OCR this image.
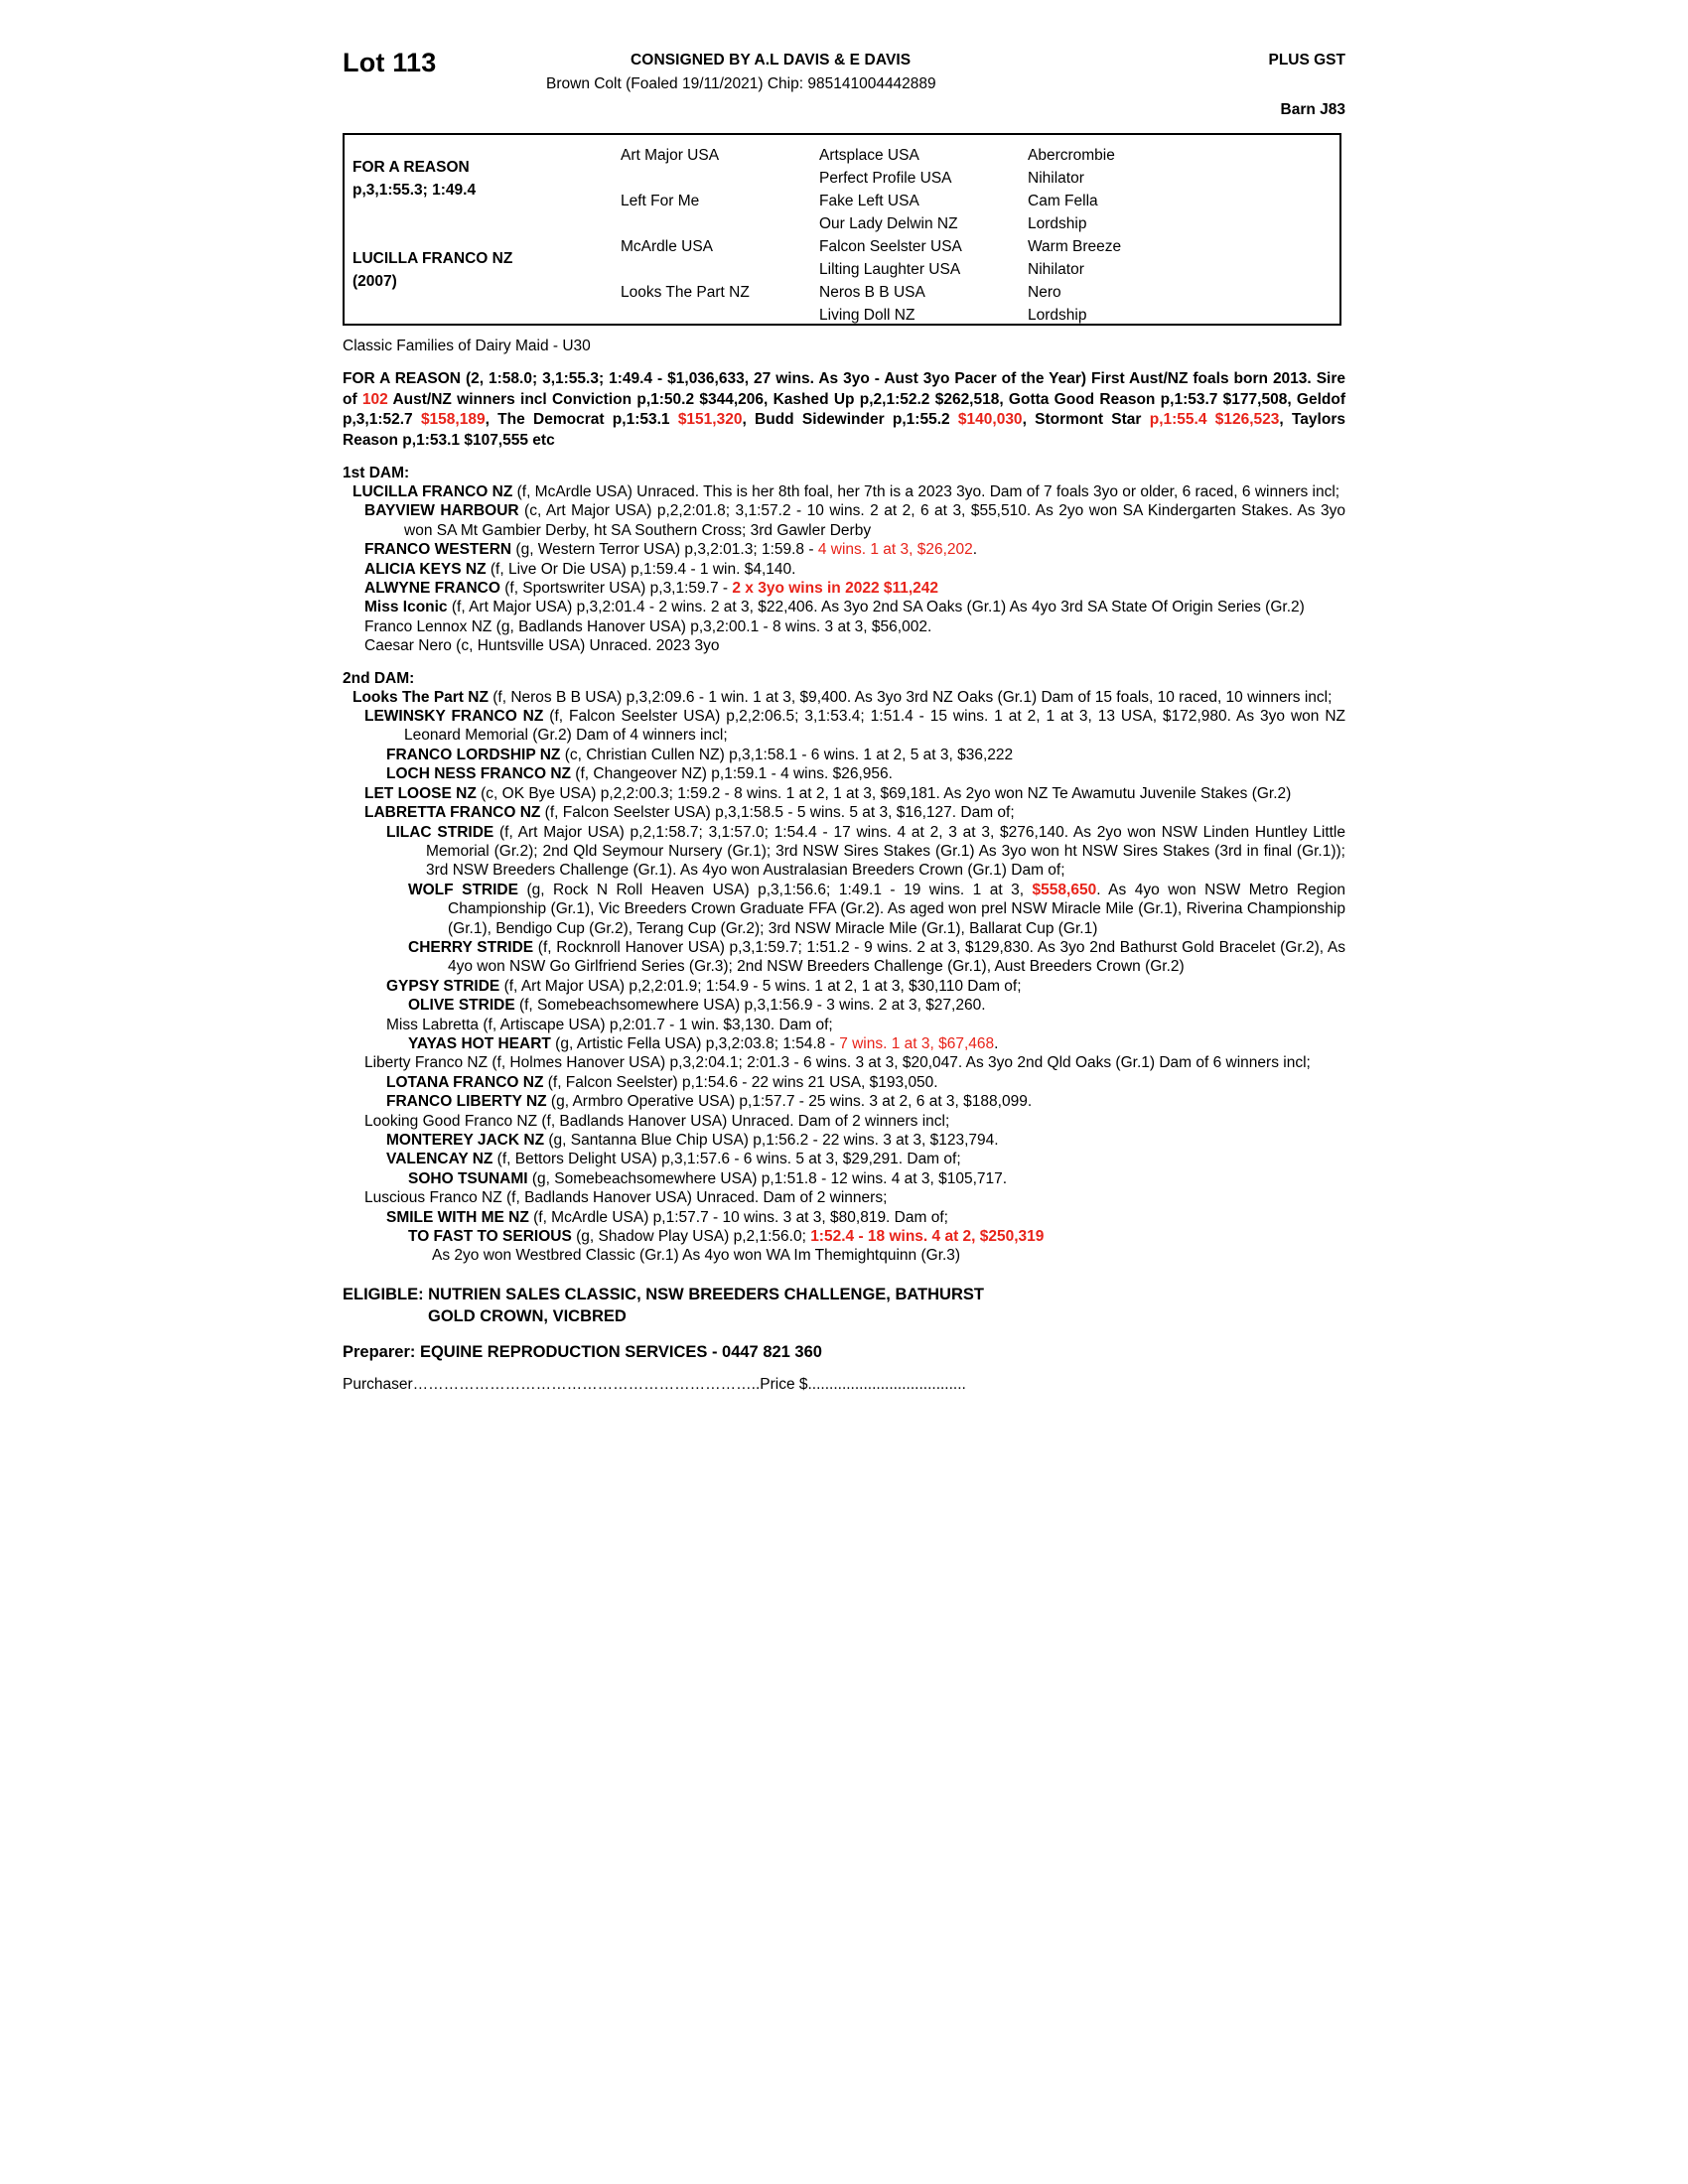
Lot 113	CONSIGNED BY A.L DAVIS & E DAVIS	PLUS GST
Brown Colt (Foaled 19/11/2021) Chip: 985141004442889
Barn J83
FOR A REASON
p,3,1:55.3; 1:49.4
LUCILLA FRANCO NZ
(2007)
Art Major USA
Left For Me
McArdle USA
Looks The Part NZ
Artsplace USA
Perfect Profile USA
Fake Left USA
Our Lady Delwin NZ
Falcon Seelster USA
Lilting Laughter USA
Neros B B USA
Living Doll NZ
Abercrombie
Nihilator
Cam Fella
Lordship
Warm Breeze
Nihilator
Nero
Lordship
Classic Families of Dairy Maid - U30
FOR A REASON (2, 1:58.0; 3,1:55.3; 1:49.4 - $1,036,633, 27 wins. As 3yo - Aust 3yo Pacer of the Year) First Aust/NZ foals born 2013. Sire of 102 Aust/NZ winners incl Conviction p,1:50.2 $344,206, Kashed Up p,2,1:52.2 $262,518, Gotta Good Reason p,1:53.7 $177,508, Geldof p,3,1:52.7 $158,189, The Democrat p,1:53.1 $151,320, Budd Sidewinder p,1:55.2 $140,030, Stormont Star p,1:55.4 $126,523, Taylors Reason p,1:53.1 $107,555 etc
1st DAM:
LUCILLA FRANCO NZ (f, McArdle USA) Unraced. This is her 8th foal, her 7th is a 2023 3yo. Dam of 7 foals 3yo or older, 6 raced, 6 winners incl;
BAYVIEW HARBOUR (c, Art Major USA) p,2,2:01.8; 3,1:57.2 - 10 wins. 2 at 2, 6 at 3, $55,510. As 2yo won SA Kindergarten Stakes. As 3yo won SA Mt Gambier Derby, ht SA Southern Cross; 3rd Gawler Derby
FRANCO WESTERN (g, Western Terror USA) p,3,2:01.3; 1:59.8 - 4 wins. 1 at 3, $26,202.
ALICIA KEYS NZ (f, Live Or Die USA) p,1:59.4 - 1 win. $4,140.
ALWYNE FRANCO (f, Sportswriter USA) p,3,1:59.7 - 2 x 3yo wins in 2022 $11,242
Miss Iconic (f, Art Major USA) p,3,2:01.4 - 2 wins. 2 at 3, $22,406. As 3yo 2nd SA Oaks (Gr.1) As 4yo 3rd SA State Of Origin Series (Gr.2)
Franco Lennox NZ (g, Badlands Hanover USA) p,3,2:00.1 - 8 wins. 3 at 3, $56,002.
Caesar Nero (c, Huntsville USA) Unraced. 2023 3yo
2nd DAM:
Looks The Part NZ (f, Neros B B USA) p,3,2:09.6 - 1 win. 1 at 3, $9,400. As 3yo 3rd NZ Oaks (Gr.1) Dam of 15 foals, 10 raced, 10 winners incl;
LEWINSKY FRANCO NZ (f, Falcon Seelster USA) p,2,2:06.5; 3,1:53.4; 1:51.4 - 15 wins. 1 at 2, 1 at 3, 13 USA, $172,980. As 3yo won NZ Leonard Memorial (Gr.2) Dam of 4 winners incl;
FRANCO LORDSHIP NZ (c, Christian Cullen NZ) p,3,1:58.1 - 6 wins. 1 at 2, 5 at 3, $36,222
LOCH NESS FRANCO NZ (f, Changeover NZ) p,1:59.1 - 4 wins. $26,956.
LET LOOSE NZ (c, OK Bye USA) p,2,2:00.3; 1:59.2 - 8 wins. 1 at 2, 1 at 3, $69,181. As 2yo won NZ Te Awamutu Juvenile Stakes (Gr.2)
LABRETTA FRANCO NZ (f, Falcon Seelster USA) p,3,1:58.5 - 5 wins. 5 at 3, $16,127. Dam of;
LILAC STRIDE (f, Art Major USA) p,2,1:58.7; 3,1:57.0; 1:54.4 - 17 wins. 4 at 2, 3 at 3, $276,140. As 2yo won NSW Linden Huntley Little Memorial (Gr.2); 2nd Qld Seymour Nursery (Gr.1); 3rd NSW Sires Stakes (Gr.1) As 3yo won ht NSW Sires Stakes (3rd in final (Gr.1)); 3rd NSW Breeders Challenge (Gr.1). As 4yo won Australasian Breeders Crown (Gr.1) Dam of;
WOLF STRIDE (g, Rock N Roll Heaven USA) p,3,1:56.6; 1:49.1 - 19 wins. 1 at 3, $558,650. As 4yo won NSW Metro Region Championship (Gr.1), Vic Breeders Crown Graduate FFA (Gr.2). As aged won prel NSW Miracle Mile (Gr.1), Riverina Championship (Gr.1), Bendigo Cup (Gr.2), Terang Cup (Gr.2); 3rd NSW Miracle Mile (Gr.1), Ballarat Cup (Gr.1)
CHERRY STRIDE (f, Rocknroll Hanover USA) p,3,1:59.7; 1:51.2 - 9 wins. 2 at 3, $129,830. As 3yo 2nd Bathurst Gold Bracelet (Gr.2), As 4yo won NSW Go Girlfriend Series (Gr.3); 2nd NSW Breeders Challenge (Gr.1), Aust Breeders Crown (Gr.2)
GYPSY STRIDE (f, Art Major USA) p,2,2:01.9; 1:54.9 - 5 wins. 1 at 2, 1 at 3, $30,110 Dam of;
OLIVE STRIDE (f, Somebeachsomewhere USA) p,3,1:56.9 - 3 wins. 2 at 3, $27,260.
Miss Labretta (f, Artiscape USA) p,2:01.7 - 1 win. $3,130. Dam of;
YAYAS HOT HEART (g, Artistic Fella USA) p,3,2:03.8; 1:54.8 - 7 wins. 1 at 3, $67,468.
Liberty Franco NZ (f, Holmes Hanover USA) p,3,2:04.1; 2:01.3 - 6 wins. 3 at 3, $20,047. As 3yo 2nd Qld Oaks (Gr.1) Dam of 6 winners incl;
LOTANA FRANCO NZ (f, Falcon Seelster) p,1:54.6 - 22 wins 21 USA, $193,050.
FRANCO LIBERTY NZ (g, Armbro Operative USA) p,1:57.7 - 25 wins. 3 at 2, 6 at 3, $188,099.
Looking Good Franco NZ (f, Badlands Hanover USA) Unraced. Dam of 2 winners incl;
MONTEREY JACK NZ (g, Santanna Blue Chip USA) p,1:56.2 - 22 wins. 3 at 3, $123,794.
VALENCAY NZ (f, Bettors Delight USA) p,3,1:57.6 - 6 wins. 5 at 3, $29,291. Dam of;
SOHO TSUNAMI (g, Somebeachsomewhere USA) p,1:51.8 - 12 wins. 4 at 3, $105,717.
Luscious Franco NZ (f, Badlands Hanover USA) Unraced. Dam of 2 winners;
SMILE WITH ME NZ (f, McArdle USA) p,1:57.7 - 10 wins. 3 at 3, $80,819. Dam of;
TO FAST TO SERIOUS (g, Shadow Play USA) p,2,1:56.0; 1:52.4 - 18 wins. 4 at 2, $250,319
As 2yo won Westbred Classic (Gr.1) As 4yo won WA Im Themightquinn (Gr.3)
ELIGIBLE: NUTRIEN SALES CLASSIC, NSW BREEDERS CHALLENGE, BATHURST
GOLD CROWN, VICBRED
Preparer: EQUINE REPRODUCTION SERVICES - 0447 821 360
Purchaser…………………………………………………………..Price $.....................................
